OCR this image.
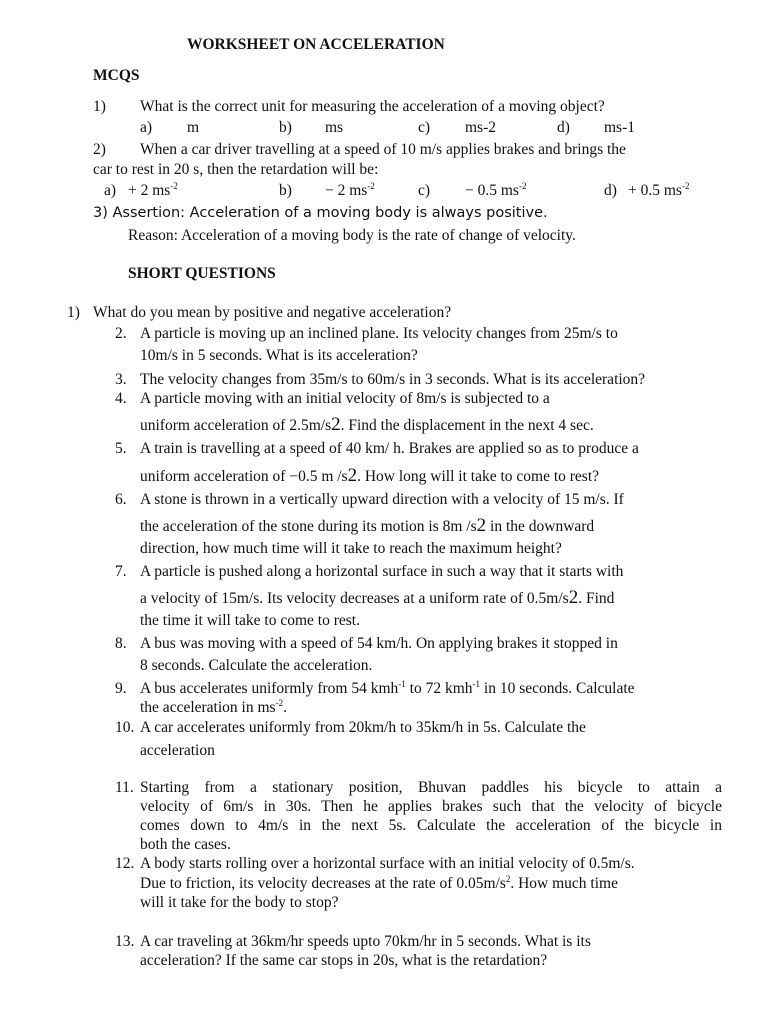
WORKSHEET ON ACCELERATION
MCQS
1) What is the correct unit for measuring the acceleration of a moving object?
a) m	b) ms	c) ms-2	d) ms-1
2) When a car driver travelling at a speed of 10 m/s applies brakes and brings the
car to rest in 20 s, then the retardation will be:
a) + 2 $ms^{-2}$	b) − 2 $ms^{-2}$	c) − 0.5 $ms^{-2}$	d) + 0.5 $ms^{-2}$
3) Assertion: Acceleration of a moving body is always positive.
Reason: Acceleration of a moving body is the rate of change of velocity.
SHORT QUESTIONS
1) What do you mean by positive and negative acceleration?
2. A particle is moving up an inclined plane. Its velocity changes from 25m/s to
10m/s in 5 seconds. What is its acceleration?
3. The velocity changes from 35m/s to 60m/s in 3 seconds. What is its acceleration?
4. A particle moving with an initial velocity of 8m/s is subjected to a
uniform acceleration of 2.5m/s2. Find the displacement in the next 4 sec.
5. A train is travelling at a speed of 40 km/ h. Brakes are applied so as to produce a
uniform acceleration of −0.5 m /s2. How long will it take to come to rest?
6. A stone is thrown in a vertically upward direction with a velocity of 15 m/s. If
the acceleration of the stone during its motion is 8m /s2 in the downward
direction, how much time will it take to reach the maximum height?
7. A particle is pushed along a horizontal surface in such a way that it starts with
a velocity of 15m/s. Its velocity decreases at a uniform rate of 0.5m/s2. Find
the time it will take to come to rest.
8. A bus was moving with a speed of 54 km/h. On applying brakes it stopped in
8 seconds. Calculate the acceleration.
9. A bus accelerates uniformly from 54 kmh$^{-1}$ to 72 kmh$^{-1}$ in 10 seconds. Calculate
the acceleration in $ms^{-2}$.
10. A car accelerates uniformly from 20km/h to 35km/h in 5s. Calculate the
acceleration
11. Starting from a stationary position, Bhuvan paddles his bicycle to attain a
velocity of 6m/s in 30s. Then he applies brakes such that the velocity of bicycle
comes down to 4m/s in the next 5s. Calculate the acceleration of the bicycle in
both the cases.
12. A body starts rolling over a horizontal surface with an initial velocity of 0.5m/s.
Due to friction, its velocity decreases at the rate of $0.05m/s^2$. How much time
will it take for the body to stop?
13. A car traveling at 36km/hr speeds upto 70km/hr in 5 seconds. What is its
acceleration? If the same car stops in 20s, what is the retardation?
